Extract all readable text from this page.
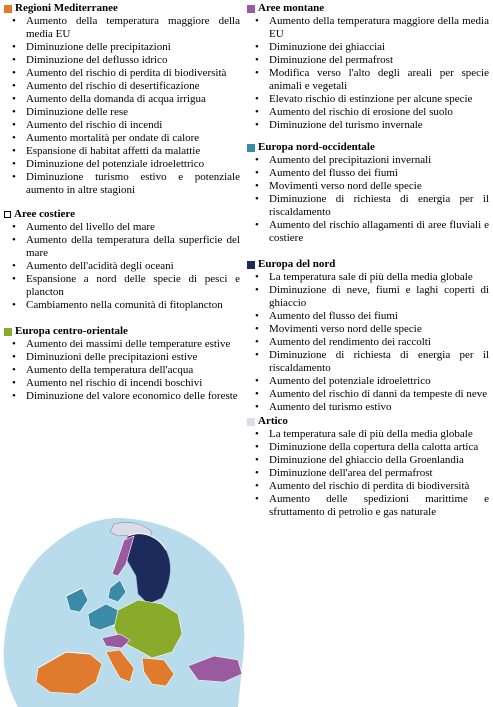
Regioni Mediterranee
• Aumento della temperatura maggiore della media EU
• Diminuzione delle precipitazioni
• Diminuzione del deflusso idrico
• Aumento del rischio di perdita di biodiversità
• Aumento del rischio di desertificazione
• Aumento della domanda di acqua irrigua
• Diminuzione delle rese
• Aumento del rischio di incendi
• Aumento mortalità per ondate di calore
• Espansione di habitat affetti da malattie
• Diminuzione del potenziale idroelettrico
• Diminuzione turismo estivo e potenziale aumento in altre stagioni
Aree costiere
• Aumento del livello del mare
• Aumento della temperatura della superficie del mare
• Aumento dell'acidità degli oceani
• Espansione a nord delle specie di pesci e plancton
• Cambiamento nella comunità di fitoplancton
Europa centro-orientale
• Aumento dei massimi delle temperature estive
• Diminuzioni delle precipitazioni estive
• Aumento della temperatura dell'acqua
• Aumento nel rischio di incendi boschivi
• Diminuzione del valore economico delle foreste
Aree montane
• Aumento della temperatura maggiore della media EU
• Diminuzione dei ghiacciai
• Diminuzione del permafrost
• Modifica verso l'alto degli areali per specie animali e vegetali
• Elevato rischio di estinzione per alcune specie
• Aumento del rischio di erosione del suolo
• Diminuzione del turismo invernale
Europa nord-occidentale
• Aumento del precipitazioni invernali
• Aumento del flusso dei fiumi
• Movimenti verso nord delle specie
• Diminuzione di richiesta di energia per il riscaldamento
• Aumento del rischio allagamenti di aree fluviali e costiere
Europa del nord
• La temperatura sale di più della media globale
• Diminuzione di neve, fiumi e laghi coperti di ghiaccio
• Aumento del flusso dei fiumi
• Movimenti verso nord delle specie
• Aumento del rendimento dei raccolti
• Diminuzione di richiesta di energia per il riscaldamento
• Aumento del potenziale idroelettrico
• Aumento del rischio di danni da tempeste di neve
• Aumento del turismo estivo
Artico
• La temperatura sale di più della media globale
• Diminuzione della copertura della calotta artica
• Diminuzione del ghiaccio della Groenlandia
• Diminuzione dell'area del permafrost
• Aumento del rischio di perdita di biodiversità
• Aumento delle spedizioni marittime e sfruttamento di petrolio e gas naturale
